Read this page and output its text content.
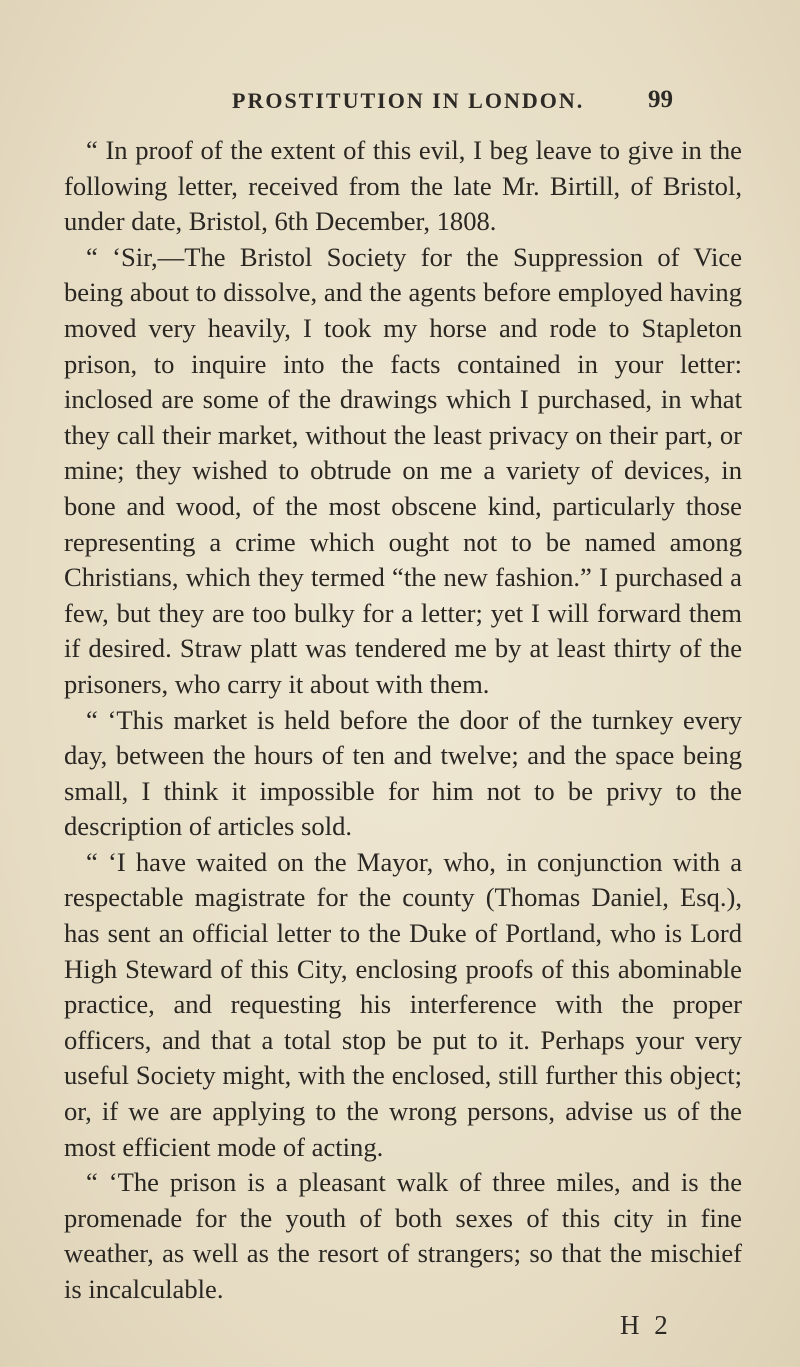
PROSTITUTION IN LONDON.	99

“ In proof of the extent of this evil, I beg leave to give in the following letter, received from the late Mr. Birtill, of Bristol, under date, Bristol, 6th December, 1808.

“ ‘Sir,—The Bristol Society for the Suppression of Vice being about to dissolve, and the agents before employed having moved very heavily, I took my horse and rode to Stapleton prison, to inquire into the facts contained in your letter: inclosed are some of the drawings which I purchased, in what they call their market, without the least privacy on their part, or mine; they wished to obtrude on me a variety of devices, in bone and wood, of the most obscene kind, particularly those representing a crime which ought not to be named among Christians, which they termed “the new fashion.” I purchased a few, but they are too bulky for a letter; yet I will forward them if desired. Straw platt was tendered me by at least thirty of the prisoners, who carry it about with them.

“ ‘This market is held before the door of the turnkey every day, between the hours of ten and twelve; and the space being small, I think it impossible for him not to be privy to the description of articles sold.

“ ‘I have waited on the Mayor, who, in conjunction with a respectable magistrate for the county (Thomas Daniel, Esq.), has sent an official letter to the Duke of Portland, who is Lord High Steward of this City, enclosing proofs of this abominable practice, and requesting his interference with the proper officers, and that a total stop be put to it. Perhaps your very useful Society might, with the enclosed, still further this object; or, if we are applying to the wrong persons, advise us of the most efficient mode of acting.

“ ‘The prison is a pleasant walk of three miles, and is the promenade for the youth of both sexes of this city in fine weather, as well as the resort of strangers; so that the mischief is incalculable.

H 2
